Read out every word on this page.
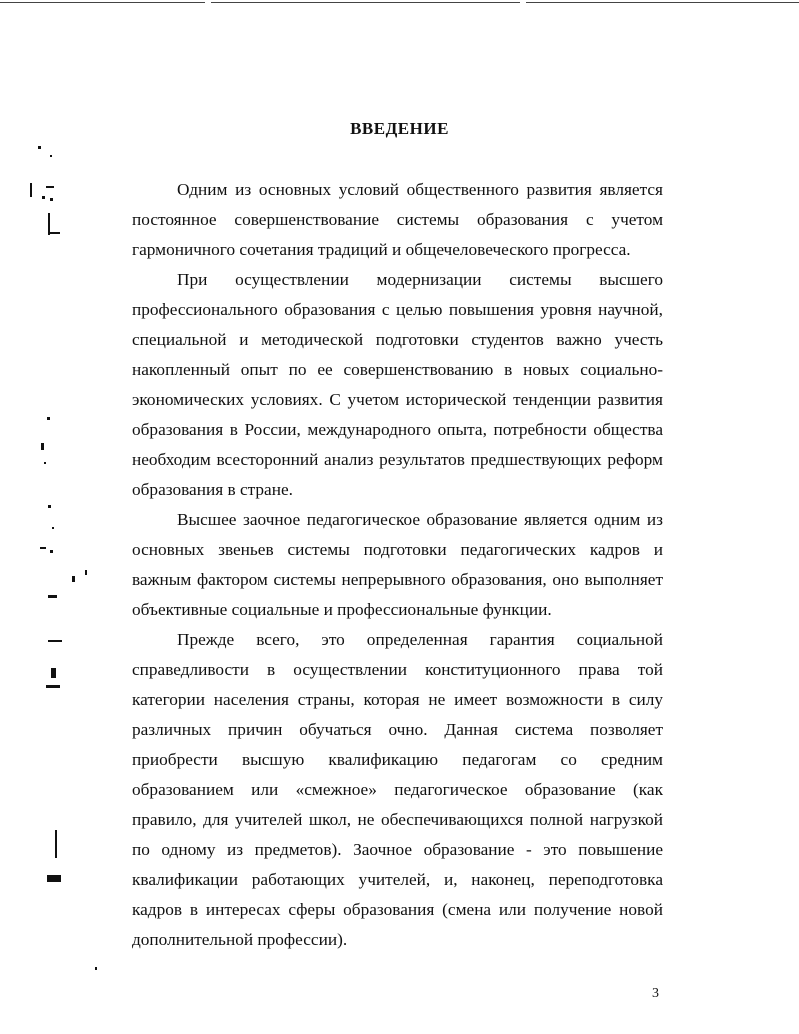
ВВЕДЕНИЕ

Одним из основных условий общественного развития является постоянное совершенствование системы образования с учетом гармоничного сочетания традиций и общечеловеческого прогресса.

При осуществлении модернизации системы высшего профессионального образования с целью повышения уровня научной, специальной и методической подготовки студентов важно учесть накопленный опыт по ее совершенствованию в новых социально-экономических условиях. С учетом исторической тенденции развития образования в России, международного опыта, потребности общества необходим всесторонний анализ результатов предшествующих реформ образования в стране.

Высшее заочное педагогическое образование является одним из основных звеньев системы подготовки педагогических кадров и важным фактором системы непрерывного образования, оно выполняет объективные социальные и профессиональные функции.

Прежде всего, это определенная гарантия социальной справедливости в осуществлении конституционного права той категории населения страны, которая не имеет возможности в силу различных причин обучаться очно. Данная система позволяет приобрести высшую квалификацию педагогам со средним образованием или «смежное» педагогическое образование (как правило, для учителей школ, не обеспечивающихся полной нагрузкой по одному из предметов). Заочное образование - это повышение квалификации работающих учителей, и, наконец, переподготовка кадров в интересах сферы образования (смена или получение новой дополнительной профессии).

3
